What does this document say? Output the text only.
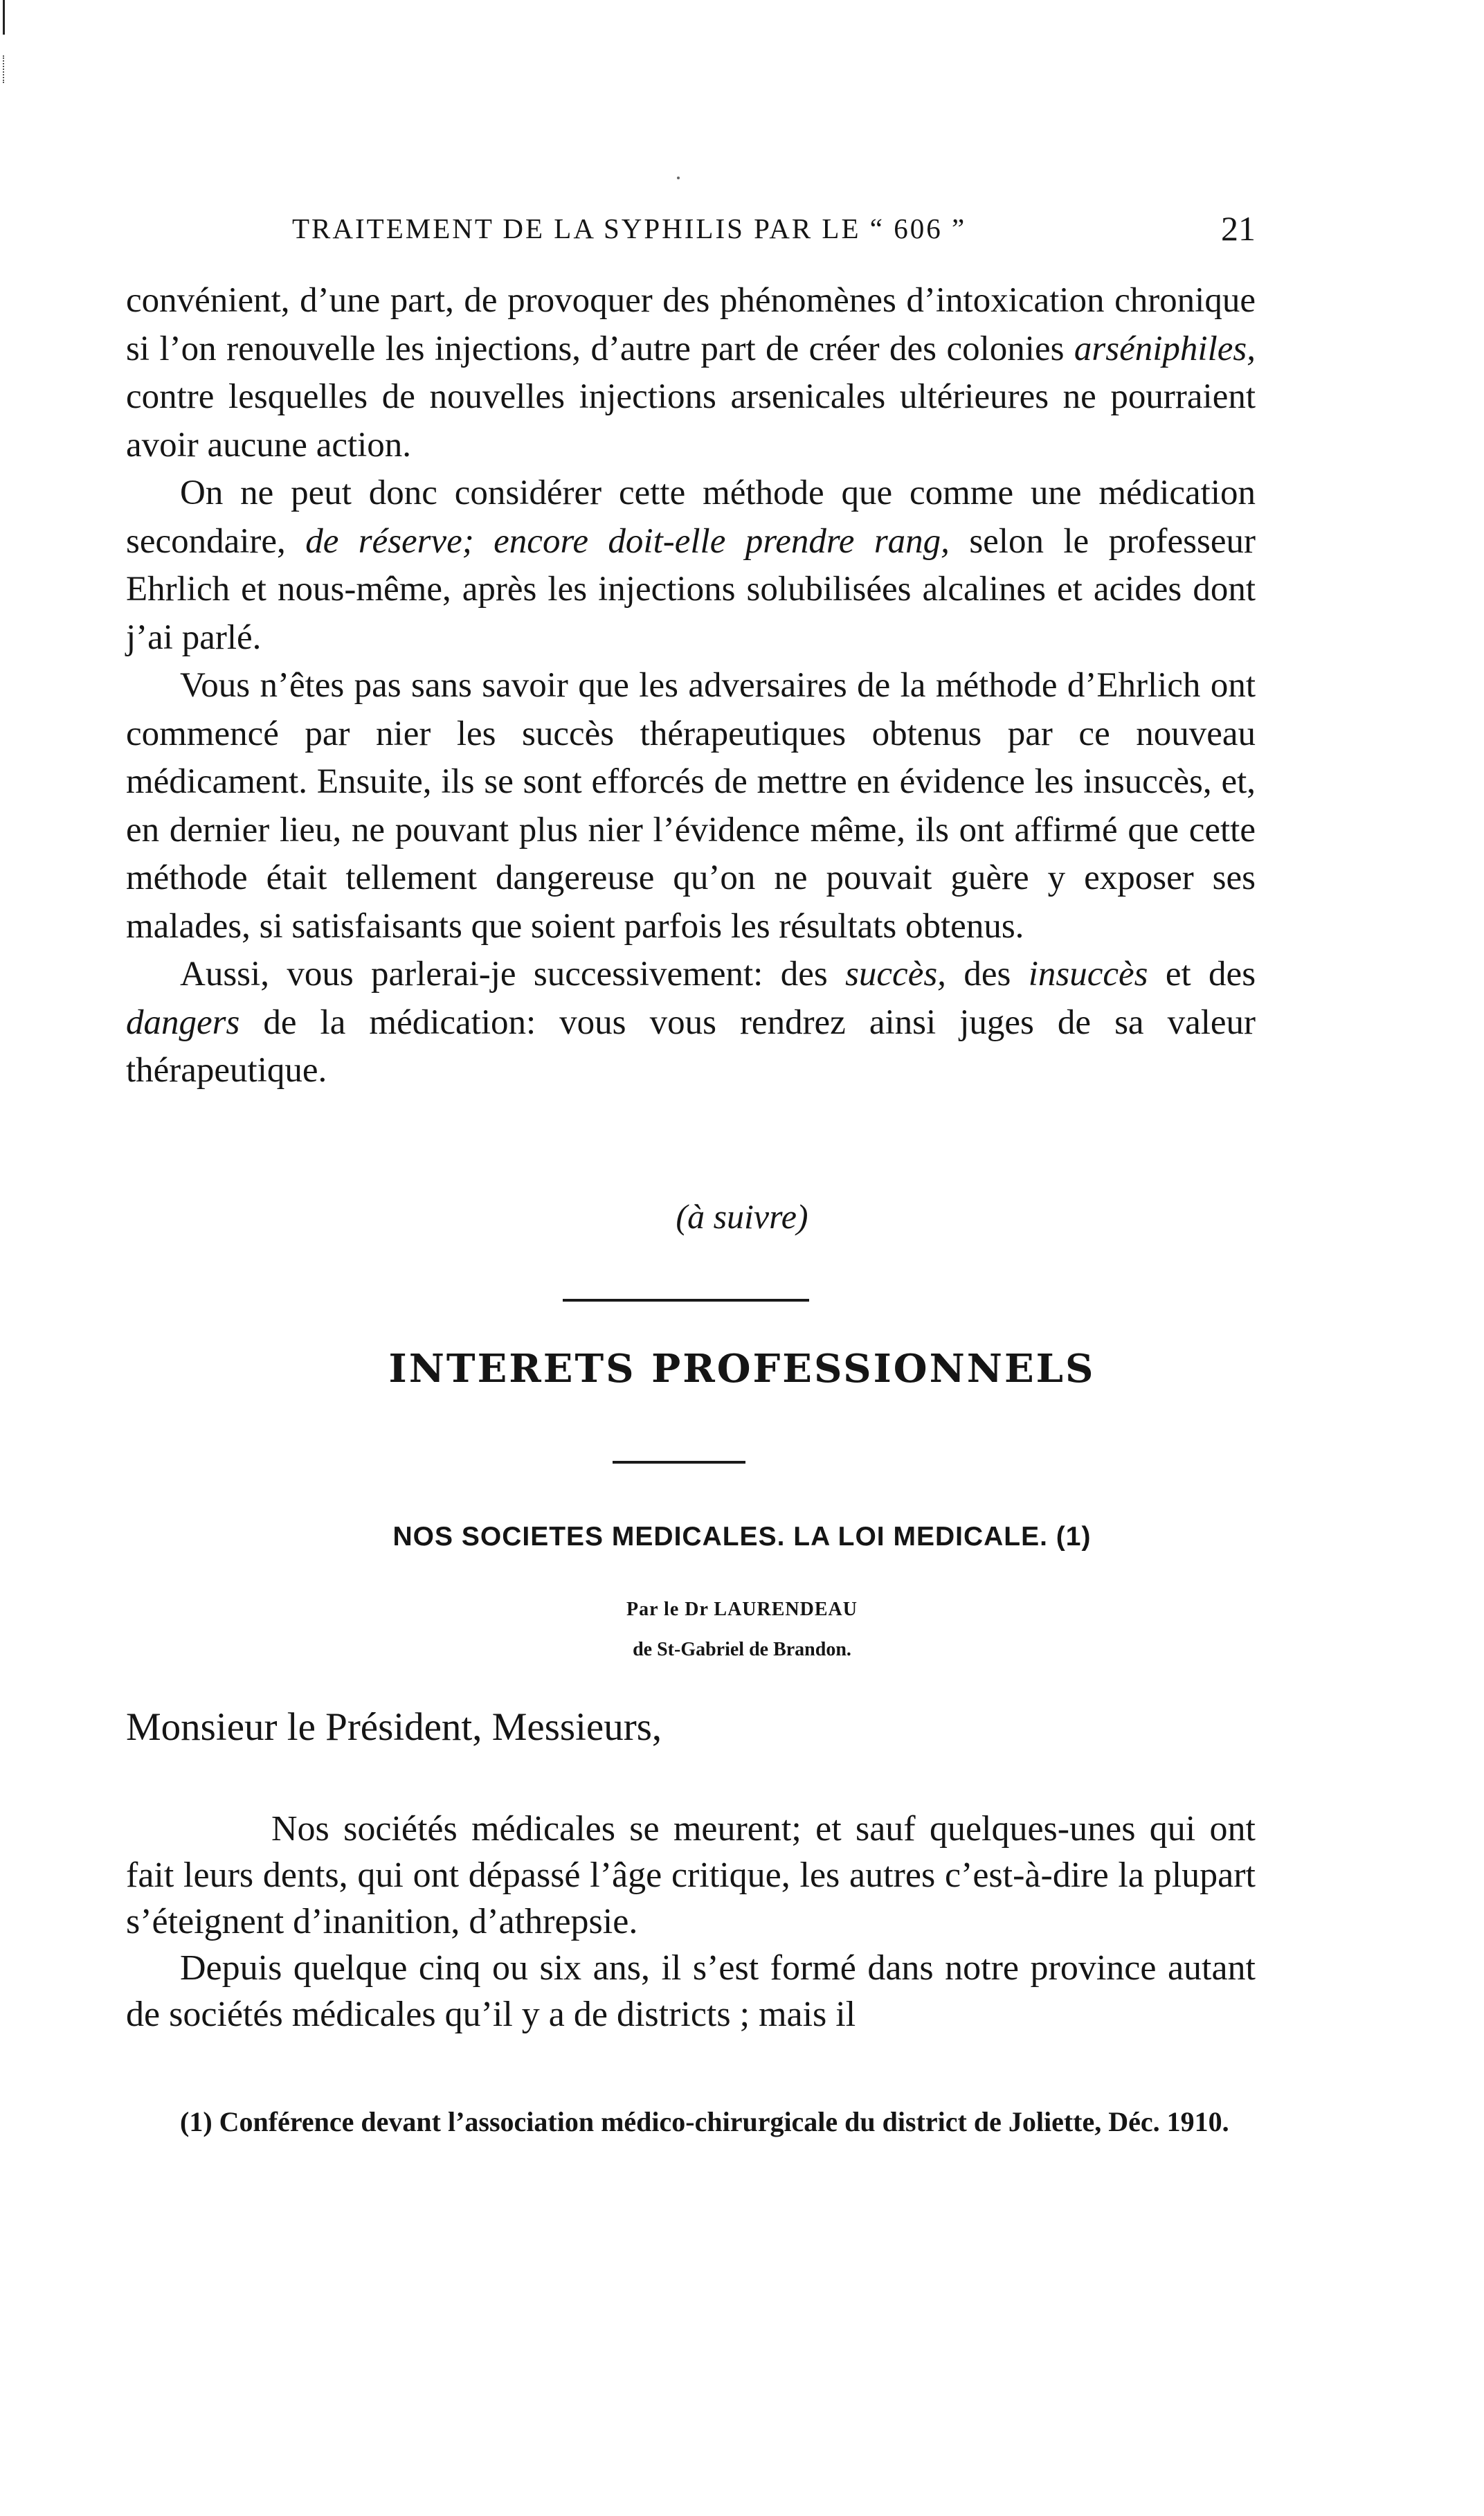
TRAITEMENT DE LA SYPHILIS PAR LE “ 606 ”	21

convénient, d’une part, de provoquer des phénomènes d’intoxication chronique si l’on renouvelle les injections, d’autre part de créer des colonies arséniphiles, contre lesquelles de nouvelles injections arsenicales ultérieures ne pourraient avoir aucune action.

On ne peut donc considérer cette méthode que comme une médication secondaire, de réserve; encore doit-elle prendre rang, selon le professeur Ehrlich et nous-même, après les injections solubilisées alcalines et acides dont j’ai parlé.

Vous n’êtes pas sans savoir que les adversaires de la méthode d’Ehrlich ont commencé par nier les succès thérapeutiques obtenus par ce nouveau médicament. Ensuite, ils se sont efforcés de mettre en évidence les insuccès, et, en dernier lieu, ne pouvant plus nier l’évidence même, ils ont affirmé que cette méthode était tellement dangereuse qu’on ne pouvait guère y exposer ses malades, si satisfaisants que soient parfois les résultats obtenus.

Aussi, vous parlerai-je successivement: des succès, des insuccès et des dangers de la médication: vous vous rendrez ainsi juges de sa valeur thérapeutique.

(à suivre)
INTERETS PROFESSIONNELS
NOS SOCIETES MEDICALES. LA LOI MEDICALE. (1)
Par le Dr LAURENDEAU
de St-Gabriel de Brandon.
Monsieur le Président, Messieurs,

Nos sociétés médicales se meurent; et sauf quelques-unes qui ont fait leurs dents, qui ont dépassé l’âge critique, les autres c’est-à-dire la plupart s’éteignent d’inanition, d’athrepsie.

Depuis quelque cinq ou six ans, il s’est formé dans notre province autant de sociétés médicales qu’il y a de districts ; mais il

(1) Conférence devant l’association médico-chirurgicale du district de Joliette, Déc. 1910.
